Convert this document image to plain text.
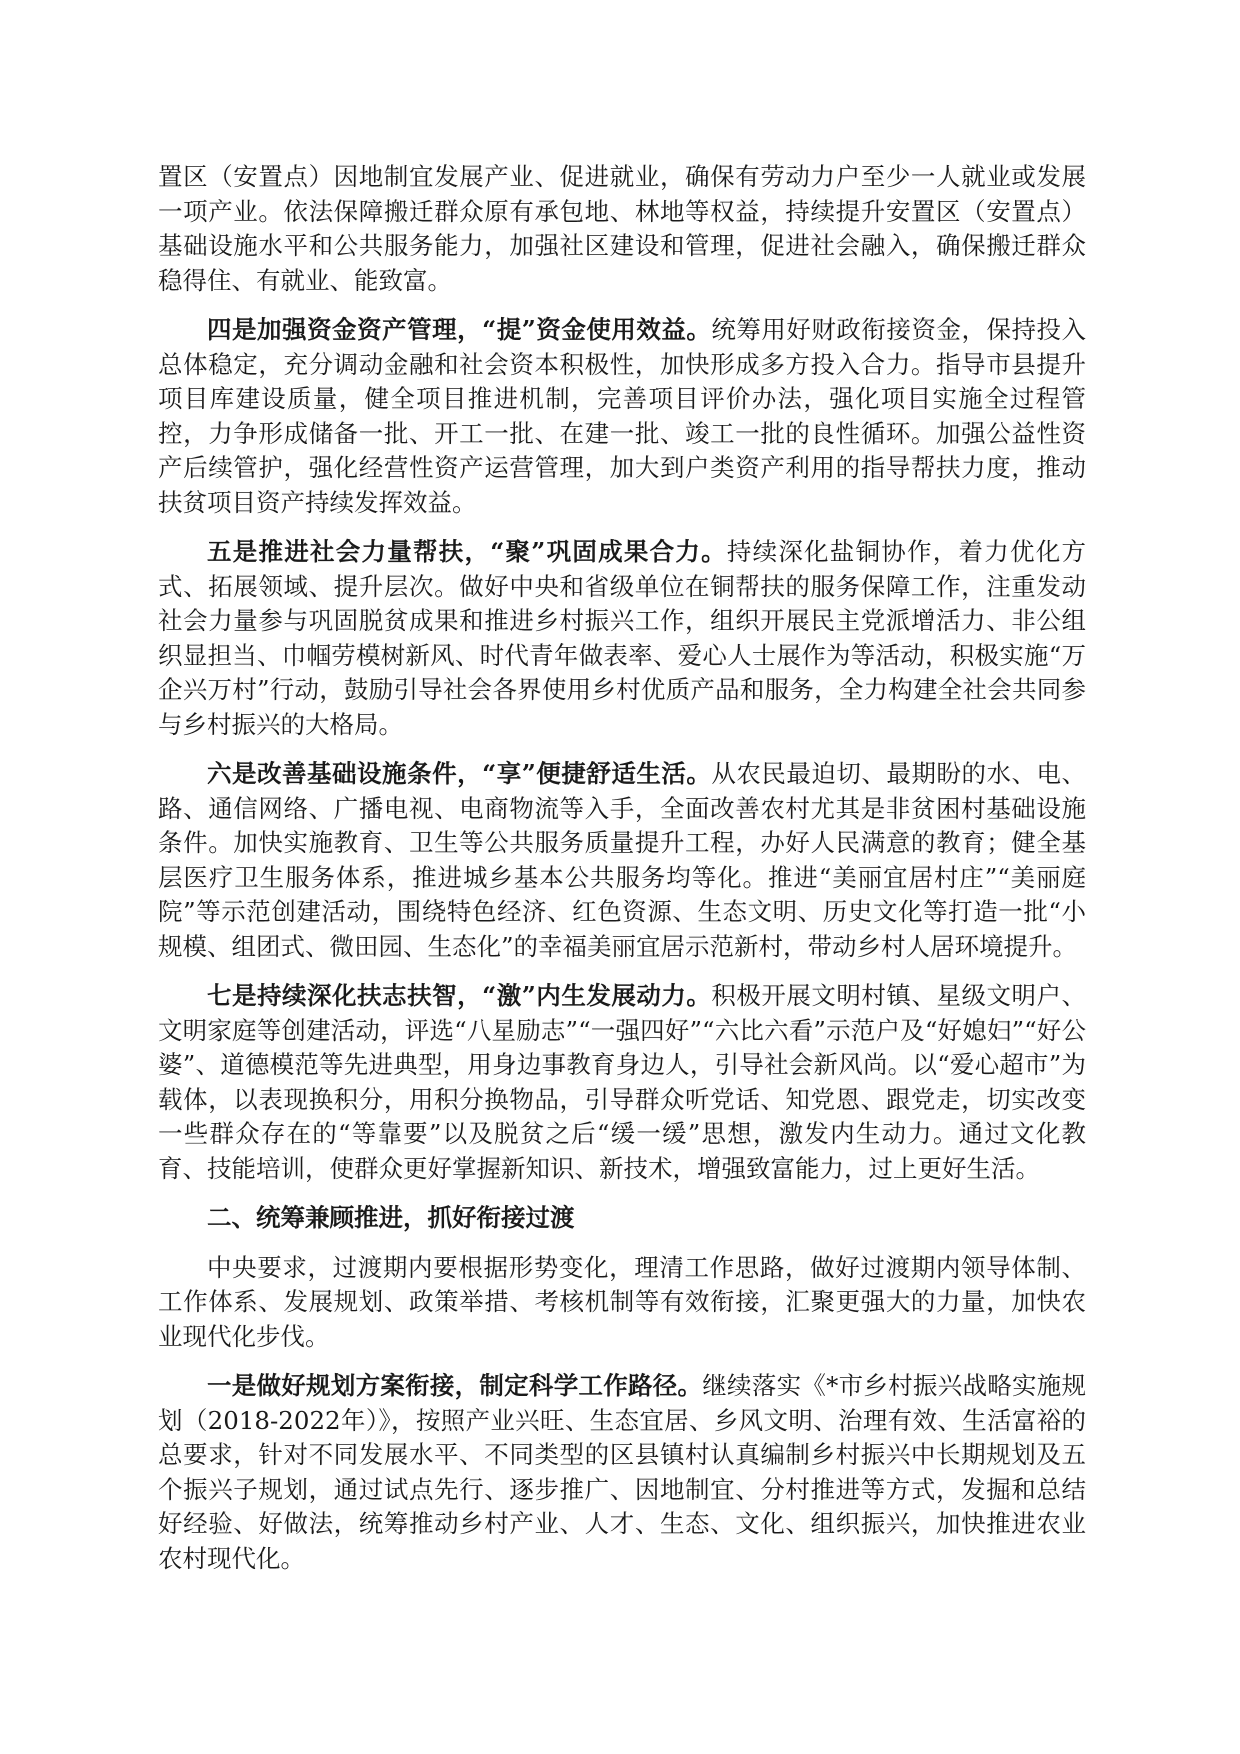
置区（安置点）因地制宜发展产业、促进就业，确保有劳动力户至少一人就业或发展一项产业。依法保障搬迁群众原有承包地、林地等权益，持续提升安置区（安置点）基础设施水平和公共服务能力，加强社区建设和管理，促进社会融入，确保搬迁群众稳得住、有就业、能致富。

四是加强资金资产管理，“提”资金使用效益。统筹用好财政衔接资金，保持投入总体稳定，充分调动金融和社会资本积极性，加快形成多方投入合力。指导市县提升项目库建设质量，健全项目推进机制，完善项目评价办法，强化项目实施全过程管控，力争形成储备一批、开工一批、在建一批、竣工一批的良性循环。加强公益性资产后续管护，强化经营性资产运营管理，加大到户类资产利用的指导帮扶力度，推动扶贫项目资产持续发挥效益。

五是推进社会力量帮扶，“聚”巩固成果合力。持续深化盐铜协作，着力优化方式、拓展领域、提升层次。做好中央和省级单位在铜帮扶的服务保障工作，注重发动社会力量参与巩固脱贫成果和推进乡村振兴工作，组织开展民主党派增活力、非公组织显担当、巾帼劳模树新风、时代青年做表率、爱心人士展作为等活动，积极实施“万企兴万村”行动，鼓励引导社会各界使用乡村优质产品和服务，全力构建全社会共同参与乡村振兴的大格局。

六是改善基础设施条件，“享”便捷舒适生活。从农民最迫切、最期盼的水、电、路、通信网络、广播电视、电商物流等入手，全面改善农村尤其是非贫困村基础设施条件。加快实施教育、卫生等公共服务质量提升工程，办好人民满意的教育；健全基层医疗卫生服务体系，推进城乡基本公共服务均等化。推进“美丽宜居村庄”“美丽庭院”等示范创建活动，围绕特色经济、红色资源、生态文明、历史文化等打造一批“小规模、组团式、微田园、生态化”的幸福美丽宜居示范新村，带动乡村人居环境提升。

七是持续深化扶志扶智，“激”内生发展动力。积极开展文明村镇、星级文明户、文明家庭等创建活动，评选“八星励志”“一强四好”“六比六看”示范户及“好媳妇”“好公婆”、道德模范等先进典型，用身边事教育身边人，引导社会新风尚。以“爱心超市”为载体，以表现换积分，用积分换物品，引导群众听党话、知党恩、跟党走，切实改变一些群众存在的“等靠要”以及脱贫之后“缓一缓”思想，激发内生动力。通过文化教育、技能培训，使群众更好掌握新知识、新技术，增强致富能力，过上更好生活。

二、统筹兼顾推进，抓好衔接过渡

中央要求，过渡期内要根据形势变化，理清工作思路，做好过渡期内领导体制、工作体系、发展规划、政策举措、考核机制等有效衔接，汇聚更强大的力量，加快农业现代化步伐。

一是做好规划方案衔接，制定科学工作路径。继续落实《*市乡村振兴战略实施规划（2018-2022年）》，按照产业兴旺、生态宜居、乡风文明、治理有效、生活富裕的总要求，针对不同发展水平、不同类型的区县镇村认真编制乡村振兴中长期规划及五个振兴子规划，通过试点先行、逐步推广、因地制宜、分村推进等方式，发掘和总结好经验、好做法，统筹推动乡村产业、人才、生态、文化、组织振兴，加快推进农业农村现代化。
